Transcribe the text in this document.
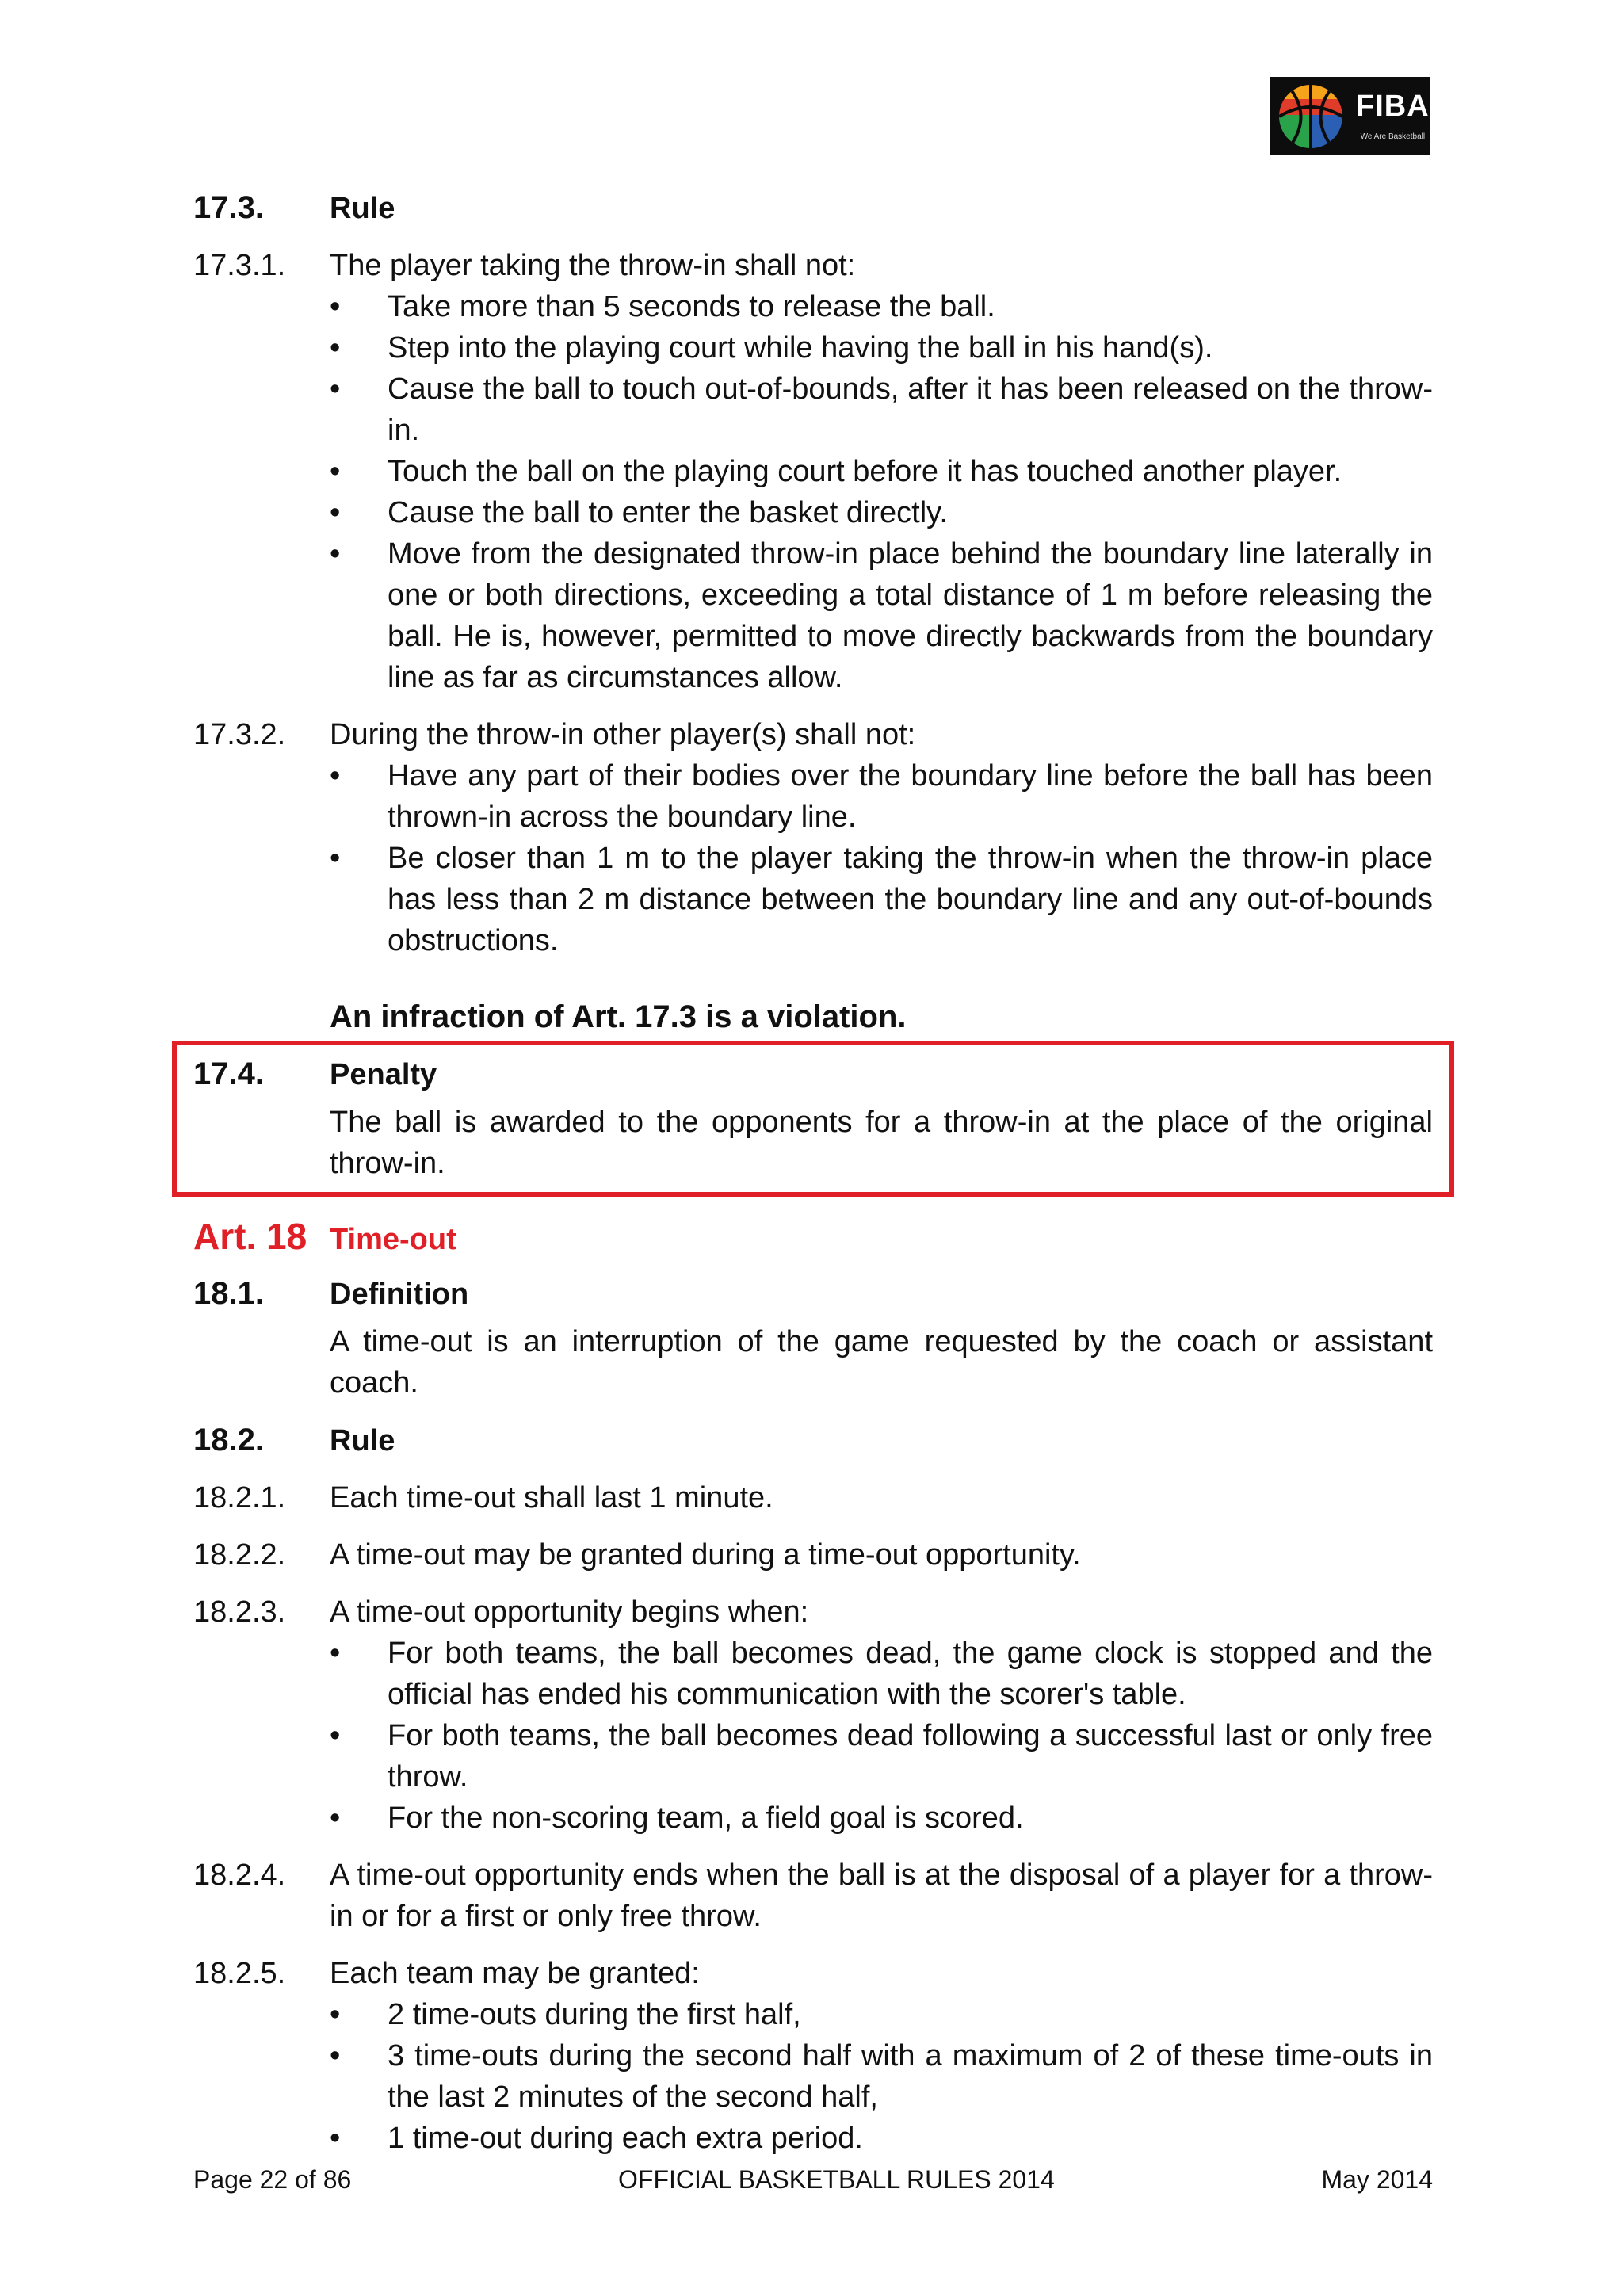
FIBA
We Are Basketball
17.3.	Rule
17.3.1.	The player taking the throw-in shall not:
•
Take more than 5 seconds to release the ball.
•
Step into the playing court while having the ball in his hand(s).
•
Cause the ball to touch out-of-bounds, after it has been released on the throw-in.
•
Touch the ball on the playing court before it has touched another player.
•
Cause the ball to enter the basket directly.
•
Move from the designated throw-in place behind the boundary line laterally in one or both directions, exceeding a total distance of 1 m before releasing the ball. He is, however, permitted to move directly backwards from the boundary line as far as circumstances allow.
17.3.2.	During the throw-in other player(s) shall not:
•
Have any part of their bodies over the boundary line before the ball has been thrown-in across the boundary line.
•
Be closer than 1 m to the player taking the throw-in when the throw-in place has less than 2 m distance between the boundary line and any out-of-bounds obstructions.
An infraction of Art. 17.3 is a violation.
17.4.	Penalty
The ball is awarded to the opponents for a throw-in at the place of the original throw-in.
Art. 18 Time-out
18.1.	Definition
A time-out is an interruption of the game requested by the coach or assistant coach.
18.2.	Rule
18.2.1.	Each time-out shall last 1 minute.
18.2.2.	A time-out may be granted during a time-out opportunity.
18.2.3.	A time-out opportunity begins when:
•
For both teams, the ball becomes dead, the game clock is stopped and the official has ended his communication with the scorer's table.
•
For both teams, the ball becomes dead following a successful last or only free throw.
•
For the non-scoring team, a field goal is scored.
18.2.4.	A time-out opportunity ends when the ball is at the disposal of a player for a throw-in or for a first or only free throw.
18.2.5.	Each team may be granted:
•
2 time-outs during the first half,
•
3 time-outs during the second half with a maximum of 2 of these time-outs in the last 2 minutes of the second half,
•
1 time-out during each extra period.
Page 22 of 86	OFFICIAL BASKETBALL RULES 2014	May 2014
